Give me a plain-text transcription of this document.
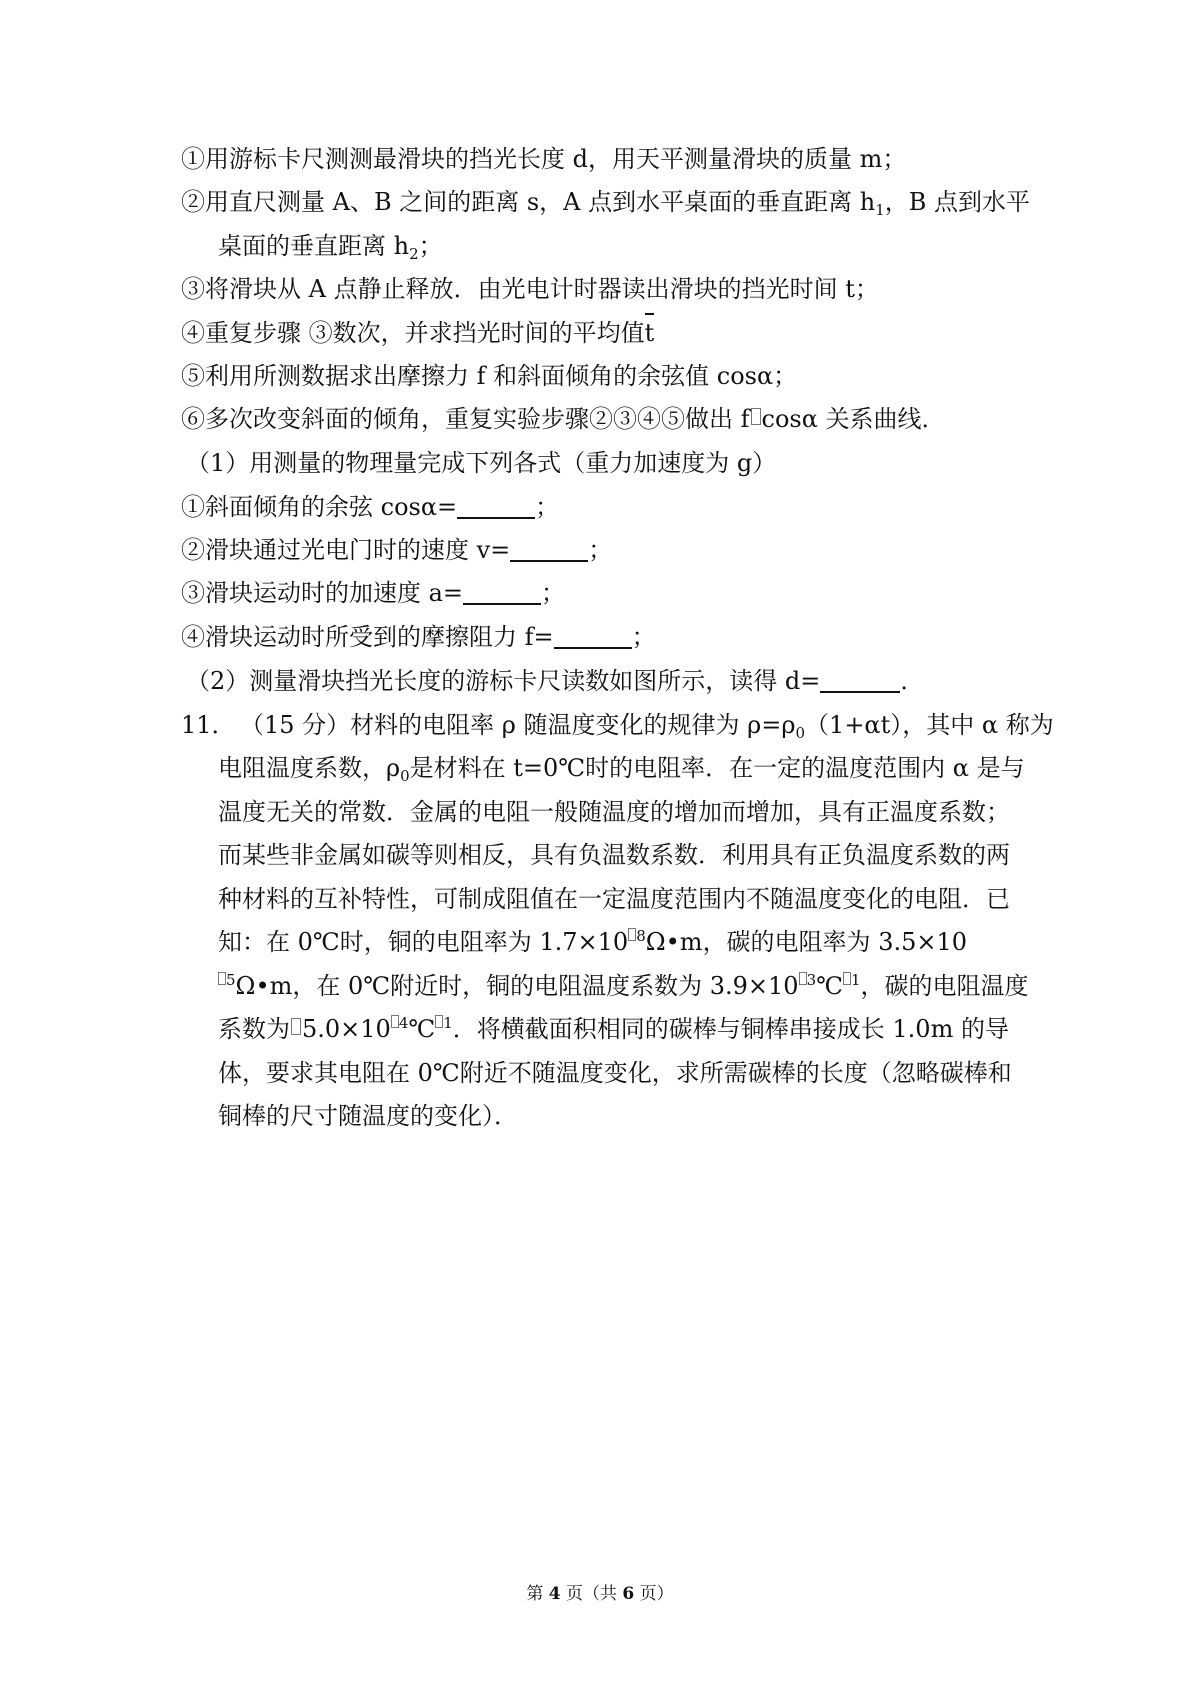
①用游标卡尺测测最滑块的挡光长度 d，用天平测量滑块的质量 m；
②用直尺测量 A、B 之间的距离 s，A 点到水平桌面的垂直距离 $h_1$，B 点到水平
桌面的垂直距离 $h_2$；
③将滑块从 A 点静止释放．由光电计时器读出滑块的挡光时间 t；
④重复步骤 ③数次，并求挡光时间的平均值t
⑤利用所测数据求出摩擦力 f 和斜面倾角的余弦值 cosα；
⑥多次改变斜面的倾角，重复实验步骤②③④⑤做出 f cosα 关系曲线．
（1）用测量的物理量完成下列各式（重力加速度为 g）
①斜面倾角的余弦 cosα=	；
②滑块通过光电门时的速度 v=	；
③滑块运动时的加速度 a=	；
④滑块运动时所受到的摩擦阻力 f=	；
（2）测量滑块挡光长度的游标卡尺读数如图所示，读得 d=	．
11． （15 分）材料的电阻率 ρ 随温度变化的规律为 $\rho=\rho_0(1+\alpha t)$，其中 α 称为
电阻温度系数，$\rho_0$是材料在 t=0℃时的电阻率．在一定的温度范围内 α 是与
温度无关的常数．金属的电阻一般随温度的增加而增加，具有正温度系数；
而某些非金属如碳等则相反，具有负温数系数．利用具有正负温度系数的两
种材料的互补特性，可制成阻值在一定温度范围内不随温度变化的电阻．已
知：在 0℃时，铜的电阻率为 1.7×10 $^8$Ω•m，碳的电阻率为 3.5×10
$^5$Ω•m，在 0℃附近时，铜的电阻温度系数为 3.9×10 $^3$℃ $^1$，碳的电阻温度
系数为 5.0×10 $^4$℃ $^1$．将横截面积相同的碳棒与铜棒串接成长 1.0m 的导
体，要求其电阻在 0℃附近不随温度变化，求所需碳棒的长度（忽略碳棒和
铜棒的尺寸随温度的变化）．
第 4 页（共 6 页）
